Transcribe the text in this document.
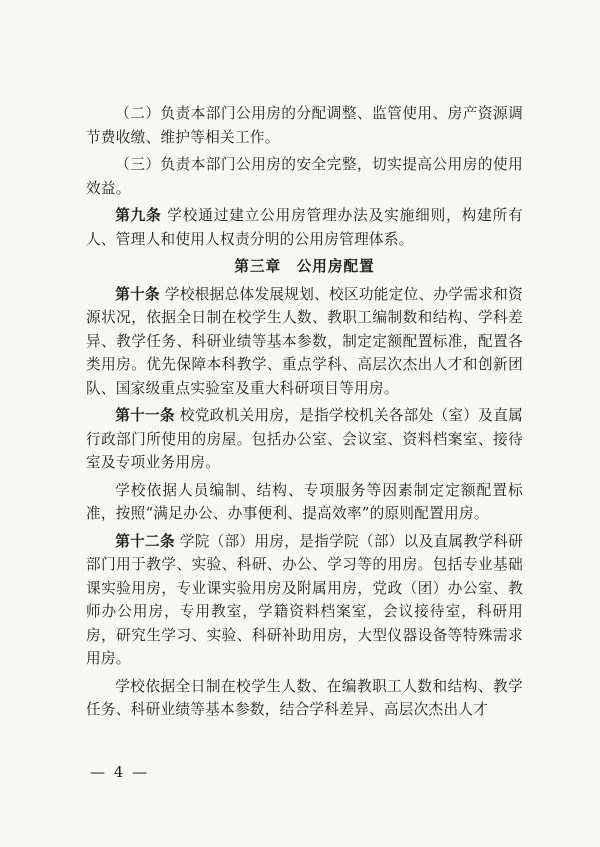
（二）负责本部门公用房的分配调整、监管使用、房产资源调节费收缴、维护等相关工作。

（三）负责本部门公用房的安全完整，切实提高公用房的使用效益。

第九条 学校通过建立公用房管理办法及实施细则，构建所有人、管理人和使用人权责分明的公用房管理体系。

第三章　公用房配置

第十条 学校根据总体发展规划、校区功能定位、办学需求和资源状况，依据全日制在校学生人数、教职工编制数和结构、学科差异、教学任务、科研业绩等基本参数，制定定额配置标准，配置各类用房。优先保障本科教学、重点学科、高层次杰出人才和创新团队、国家级重点实验室及重大科研项目等用房。

第十一条 校党政机关用房，是指学校机关各部处（室）及直属行政部门所使用的房屋。包括办公室、会议室、资料档案室、接待室及专项业务用房。

学校依据人员编制、结构、专项服务等因素制定定额配置标准，按照“满足办公、办事便利、提高效率”的原则配置用房。

第十二条 学院（部）用房，是指学院（部）以及直属教学科研部门用于教学、实验、科研、办公、学习等的用房。包括专业基础课实验用房，专业课实验用房及附属用房，党政（团）办公室、教师办公用房，专用教室，学籍资料档案室，会议接待室，科研用房，研究生学习、实验、科研补助用房，大型仪器设备等特殊需求用房。

学校依据全日制在校学生人数、在编教职工人数和结构、教学任务、科研业绩等基本参数，结合学科差异、高层次杰出人才

— 4 —
